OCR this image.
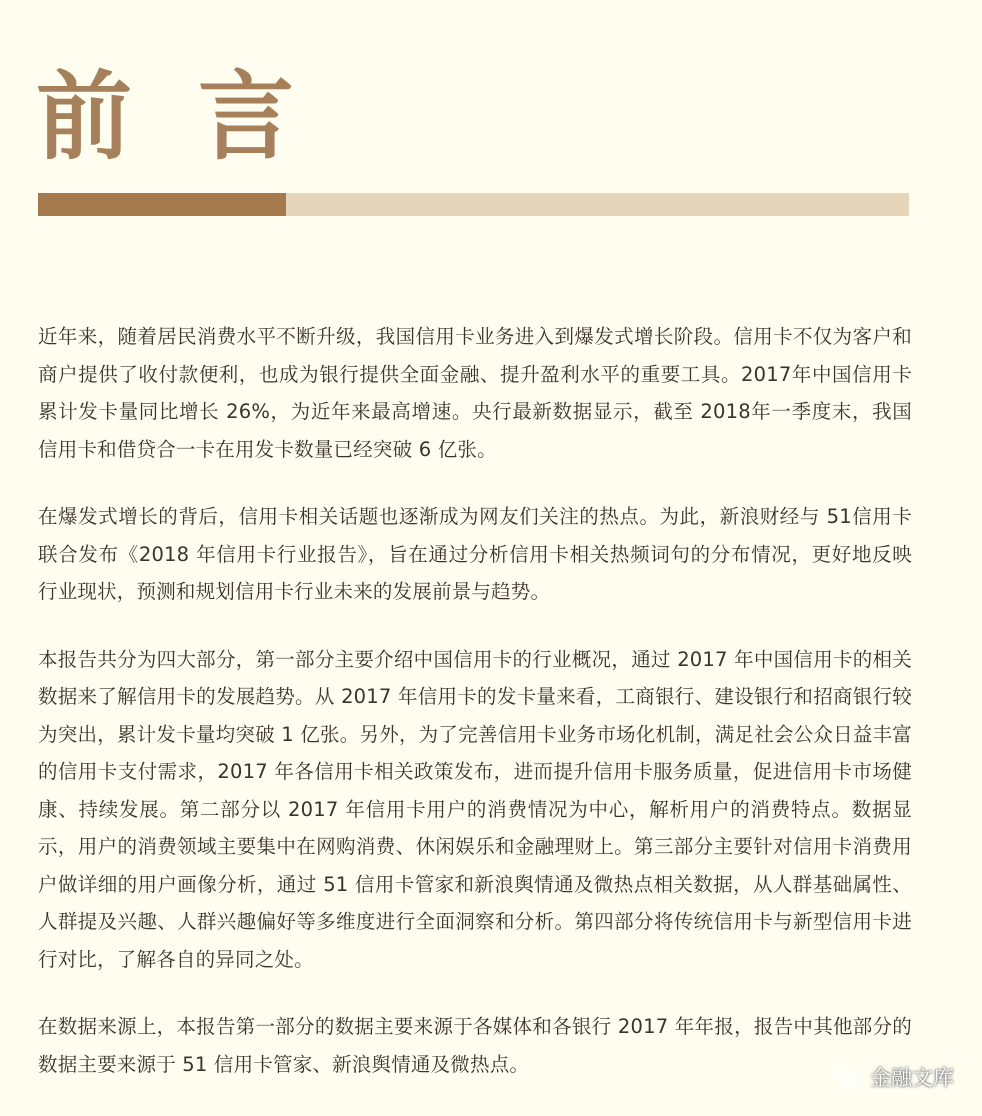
前言

近年来，随着居民消费水平不断升级，我国信用卡业务进入到爆发式增长阶段。信用卡不仅为客户和商户提供了收付款便利，也成为银行提供全面金融、提升盈利水平的重要工具。2017年中国信用卡累计发卡量同比增长 26%，为近年来最高增速。央行最新数据显示，截至 2018年一季度末，我国信用卡和借贷合一卡在用发卡数量已经突破 6 亿张。

在爆发式增长的背后，信用卡相关话题也逐渐成为网友们关注的热点。为此，新浪财经与 51信用卡联合发布《2018 年信用卡行业报告》，旨在通过分析信用卡相关热频词句的分布情况，更好地反映行业现状，预测和规划信用卡行业未来的发展前景与趋势。

本报告共分为四大部分，第一部分主要介绍中国信用卡的行业概况，通过 2017 年中国信用卡的相关数据来了解信用卡的发展趋势。从 2017 年信用卡的发卡量来看，工商银行、建设银行和招商银行较为突出，累计发卡量均突破 1 亿张。另外，为了完善信用卡业务市场化机制，满足社会公众日益丰富的信用卡支付需求，2017 年各信用卡相关政策发布，进而提升信用卡服务质量，促进信用卡市场健康、持续发展。第二部分以 2017 年信用卡用户的消费情况为中心，解析用户的消费特点。数据显示，用户的消费领域主要集中在网购消费、休闲娱乐和金融理财上。第三部分主要针对信用卡消费用户做详细的用户画像分析，通过 51 信用卡管家和新浪舆情通及微热点相关数据，从人群基础属性、人群提及兴趣、人群兴趣偏好等多维度进行全面洞察和分析。第四部分将传统信用卡与新型信用卡进行对比，了解各自的异同之处。

在数据来源上，本报告第一部分的数据主要来源于各媒体和各银行 2017 年年报，报告中其他部分的数据主要来源于 51 信用卡管家、新浪舆情通及微热点。

金融文库
